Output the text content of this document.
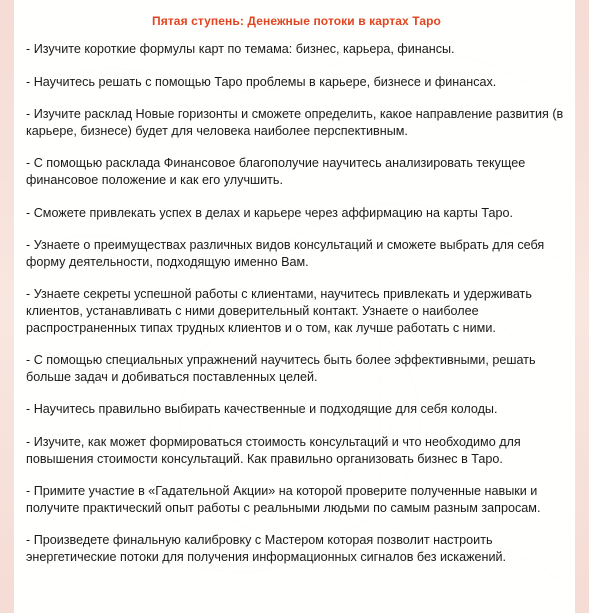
Пятая ступень: Денежные потоки в картах Таро

- Изучите короткие формулы карт по темама: бизнес, карьера, финансы.

- Научитесь решать с помощью Таро проблемы в карьере, бизнесе и финансах.

- Изучите расклад Новые горизонты и сможете определить, какое направление развития (в карьере, бизнесе) будет для человека наиболее перспективным.

- С помощью расклада Финансовое благополучие научитесь анализировать текущее финансовое положение и как его улучшить.

- Сможете привлекать успех в делах и карьере через аффирмацию на карты Таро.

- Узнаете о преимуществах различных видов консультаций и сможете выбрать для себя форму деятельности, подходящую именно Вам.

- Узнаете секреты успешной работы с клиентами, научитесь привлекать и удерживать клиентов, устанавливать с ними доверительный контакт. Узнаете о наиболее распространенных типах трудных клиентов и о том, как лучше работать с ними.

- С помощью специальных упражнений научитесь быть более эффективными, решать больше задач и добиваться поставленных целей.

- Научитесь правильно выбирать качественные и подходящие для себя колоды.

- Изучите, как может формироваться стоимость консультаций и что необходимо для повышения стоимости консультаций. Как правильно организовать бизнес в Таро.

- Примите участие в «Гадательной Акции» на которой проверите полученные навыки и получите практический опыт работы с реальными людьми по самым разным запросам.

- Произведете финальную калибровку с Мастером которая позволит настроить энергетические потоки для получения информационных сигналов без искажений.
